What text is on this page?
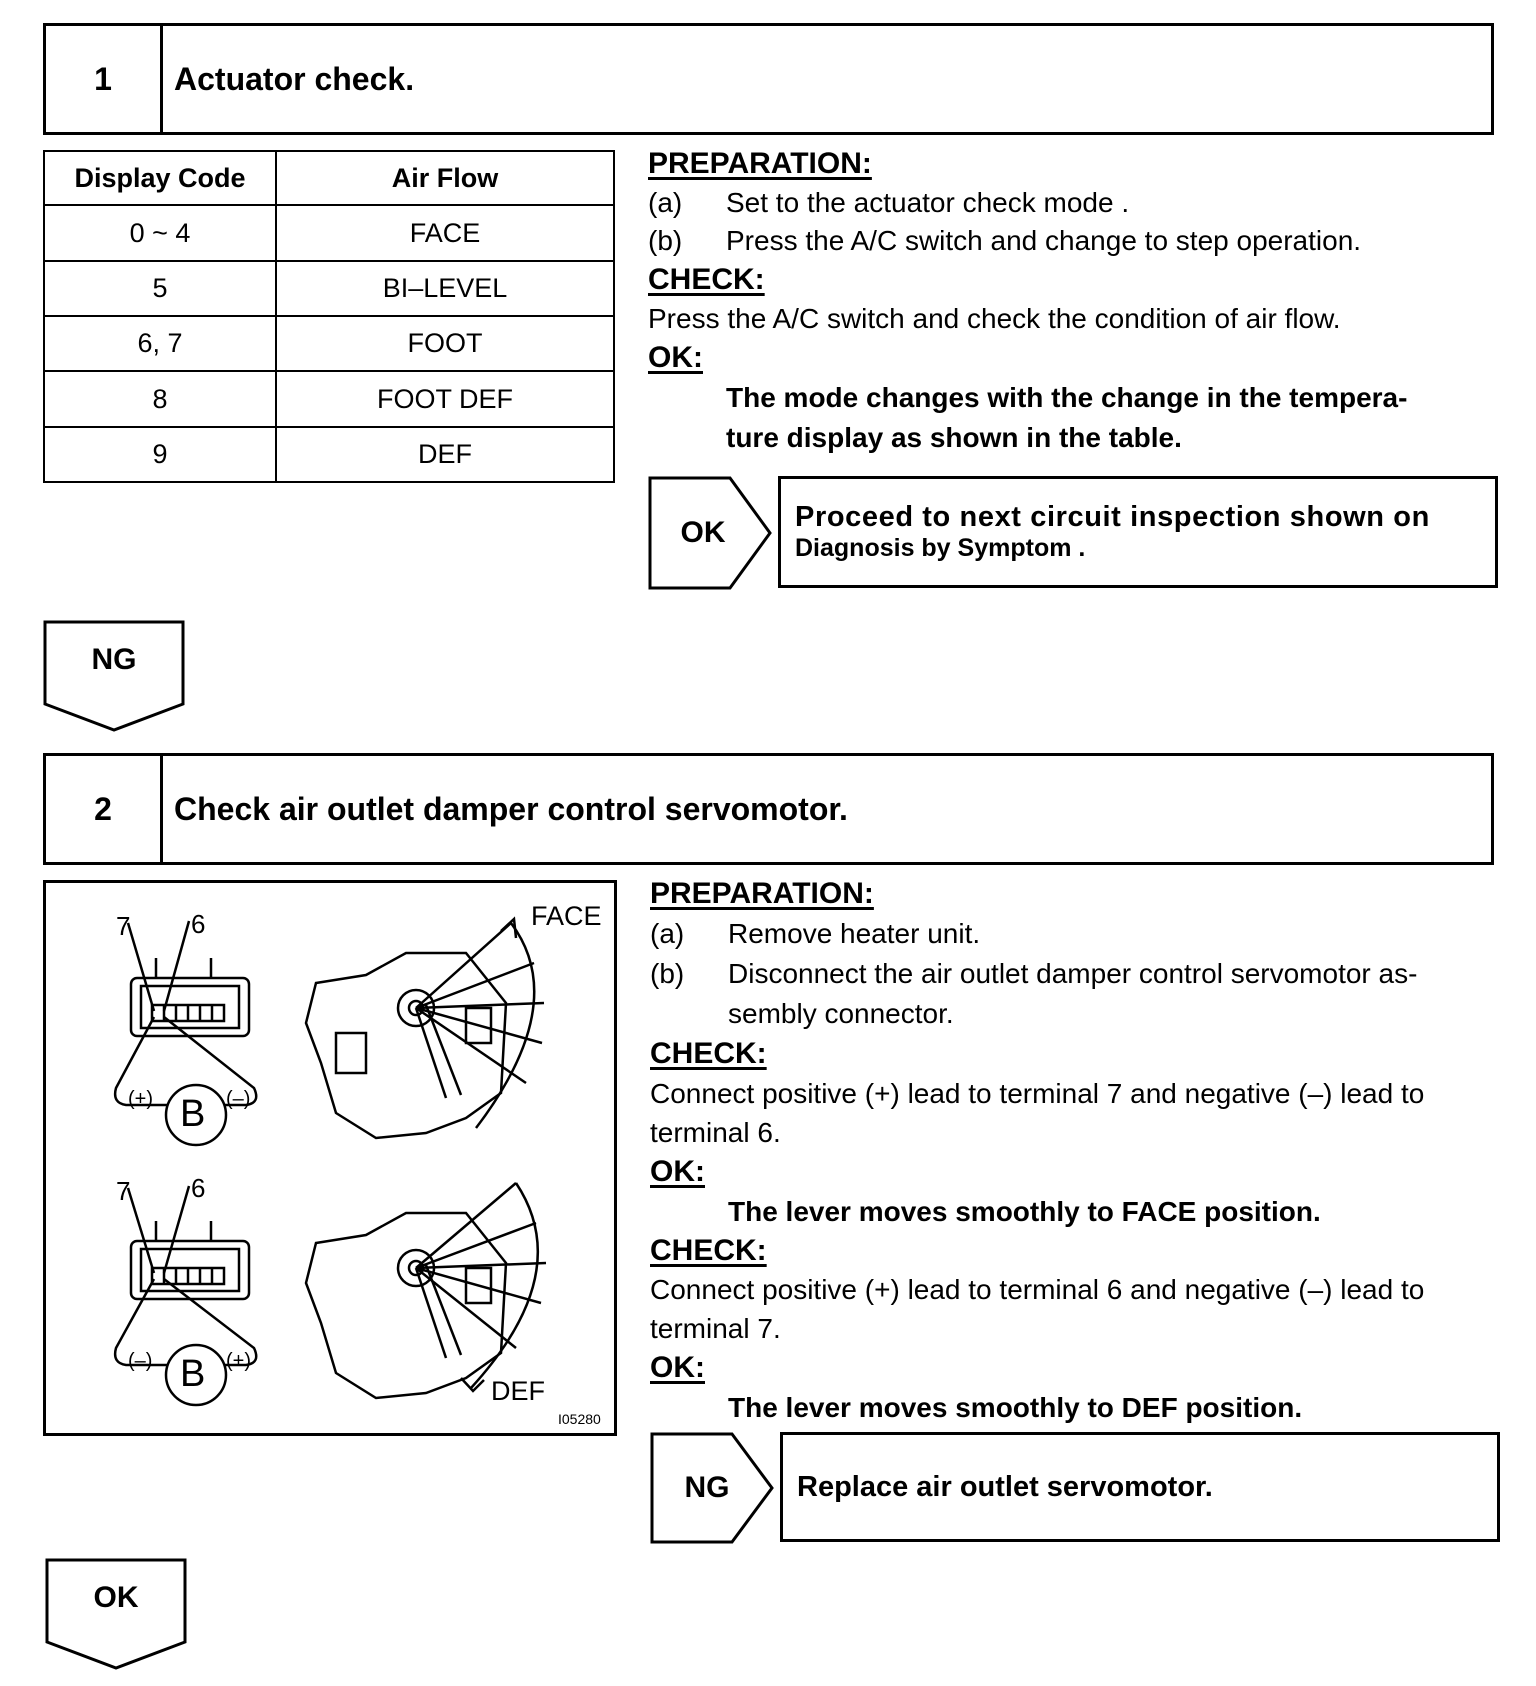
1	Actuator check.
Display Code	Air Flow
0 ~ 4	FACE
5	BI–LEVEL
6, 7	FOOT
8	FOOT DEF
9	DEF
PREPARATION:
(a) Set to the actuator check mode .
(b) Press the A/C switch and change to step operation.
CHECK:
Press the A/C switch and check the condition of air flow.
OK:
The mode changes with the change in the tempera-
ture display as shown in the table.
OK	Proceed to next circuit inspection shown on
Diagnosis by Symptom .
NG
2	Check air outlet damper control servomotor.
7 6
(+) B (–)
FACE
7 6
(–) B (+)
DEF
I05280
PREPARATION:
(a) Remove heater unit.
(b) Disconnect the air outlet damper control servomotor as-
sembly connector.
CHECK:
Connect positive (+) lead to terminal 7 and negative (–) lead to
terminal 6.
OK:
The lever moves smoothly to FACE position.
CHECK:
Connect positive (+) lead to terminal 6 and negative (–) lead to
terminal 7.
OK:
The lever moves smoothly to DEF position.
NG	Replace air outlet servomotor.
OK
